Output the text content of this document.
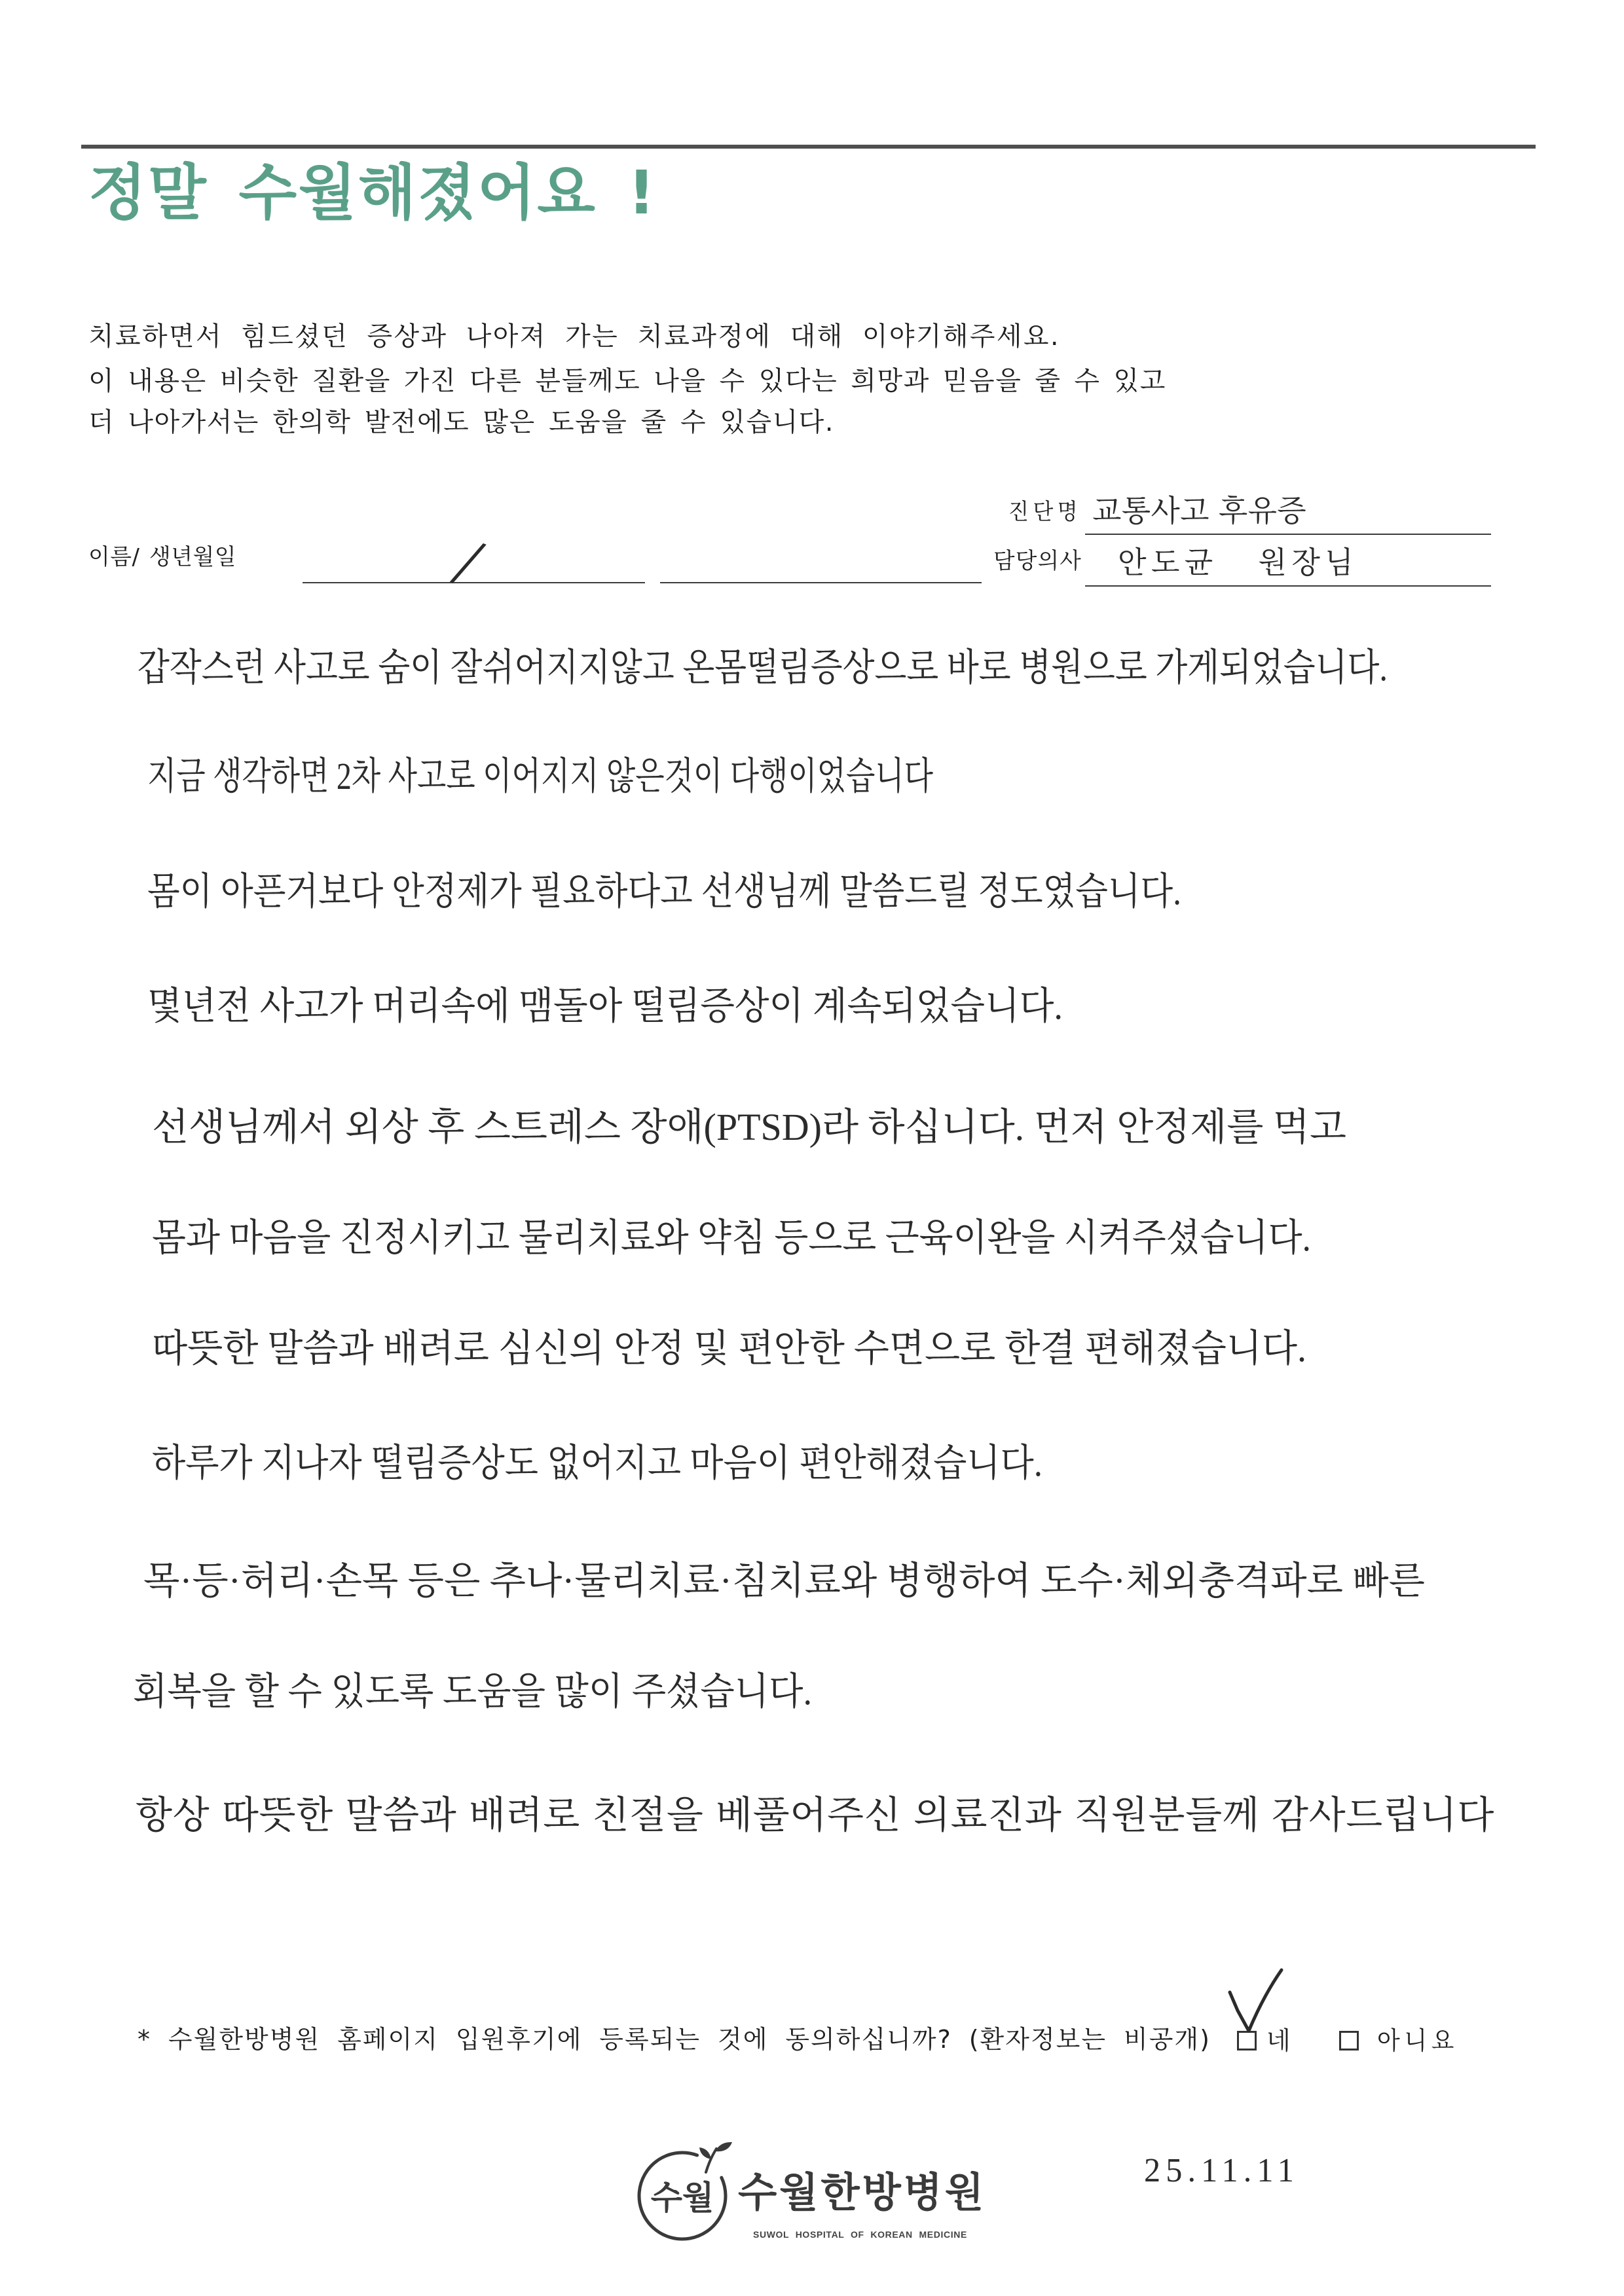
정말 수월해졌어요 !
치료하면서 힘드셨던 증상과 나아져 가는 치료과정에 대해 이야기해주세요.
이 내용은 비슷한 질환을 가진 다른 분들께도 나을 수 있다는 희망과 믿음을 줄 수 있고
더 나아가서는 한의학 발전에도 많은 도움을 줄 수 있습니다.
진단명 교통사고 후유증
이름/ 생년월일	/	담당의사 안도균 원장님
갑작스런 사고로 숨이 잘쉬어지지않고 온몸떨림증상으로 바로 병원으로 가게되었습니다.
지금 생각하면 2차 사고로 이어지지 않은것이 다행이었습니다
몸이 아픈거보다 안정제가 필요하다고 선생님께 말씀드릴 정도였습니다.
몇년전 사고가 머리속에 맴돌아 떨림증상이 계속되었습니다.
선생님께서 외상 후 스트레스 장애(PTSD)라 하십니다. 먼저 안정제를 먹고
몸과 마음을 진정시키고 물리치료와 약침 등으로 근육이완을 시켜주셨습니다.
따뜻한 말씀과 배려로 심신의 안정 및 편안한 수면으로 한결 편해졌습니다.
하루가 지나자 떨림증상도 없어지고 마음이 편안해졌습니다.
목·등·허리·손목 등은 추나·물리치료·침치료와 병행하여 도수·체외충격파로 빠른
회복을 할 수 있도록 도움을 많이 주셨습니다.
항상 따뜻한 말씀과 배려로 친절을 베풀어주신 의료진과 직원분들께 감사드립니다
* 수월한방병원 홈페이지 입원후기에 등록되는 것에 동의하십니까? (환자정보는 비공개) 네	아니요
25.11.11
수월 수월한방병원
SUWOL HOSPITAL OF KOREAN MEDICINE
